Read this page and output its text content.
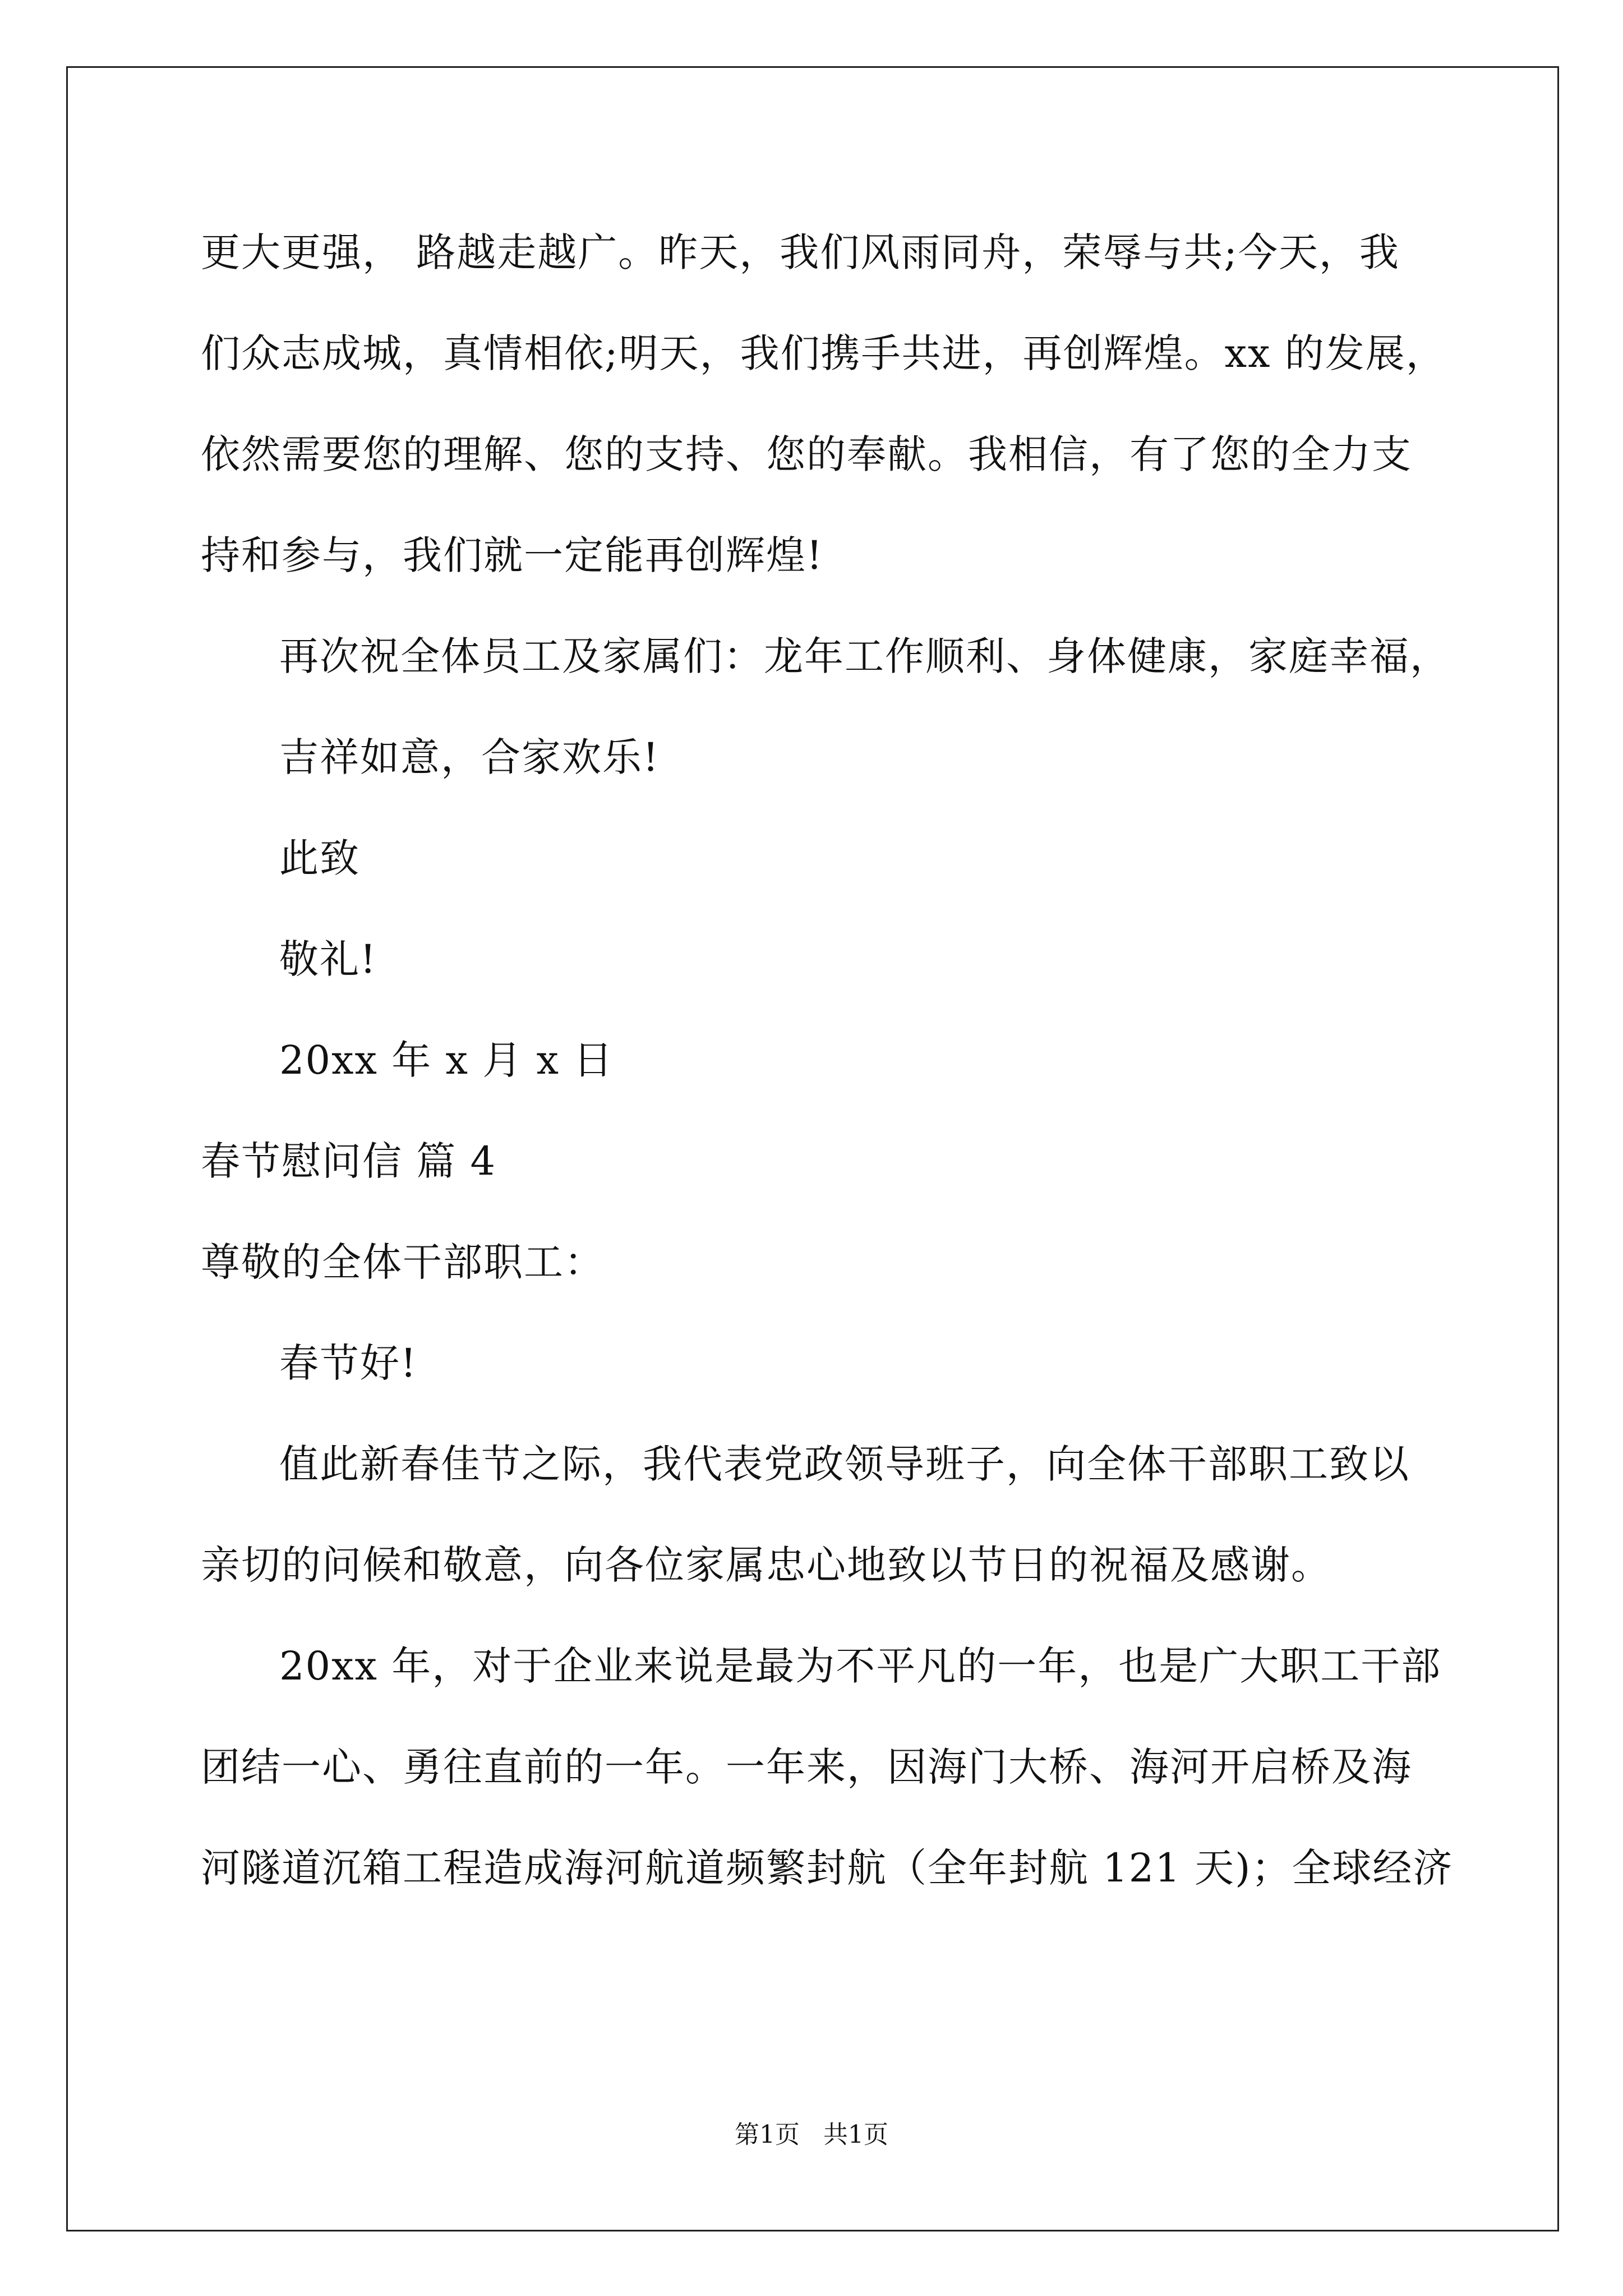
更大更强， 路越走越广。昨天，我们风雨同舟，荣辱与共;今天，我
们众志成城，真情相依;明天，我们携手共进，再创辉煌。xx 的发展，
依然需要您的理解、您的支持、您的奉献。我相信，有了您的全力支
持和参与，我们就一定能再创辉煌!
再次祝全体员工及家属们：龙年工作顺利、身体健康，家庭幸福，
吉祥如意，合家欢乐!
此致
敬礼!
20xx 年 x 月 x 日
春节慰问信 篇 4
尊敬的全体干部职工：
春节好!
值此新春佳节之际，我代表党政领导班子，向全体干部职工致以
亲切的问候和敬意，向各位家属忠心地致以节日的祝福及感谢。
20xx 年，对于企业来说是最为不平凡的一年，也是广大职工干部
团结一心、勇往直前的一年。一年来，因海门大桥、海河开启桥及海
河隧道沉箱工程造成海河航道频繁封航（全年封航 121 天)；全球经济
第1页   共1页
